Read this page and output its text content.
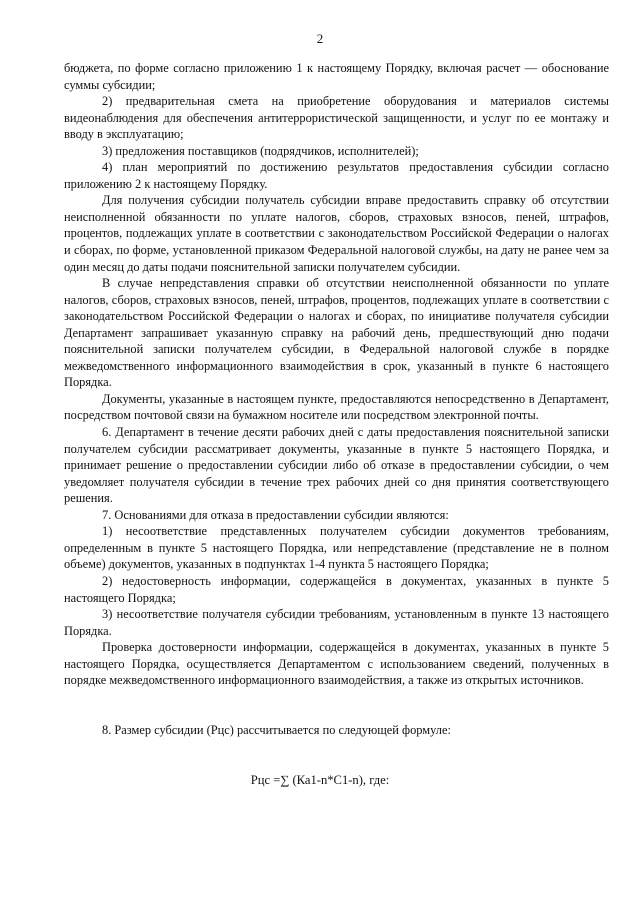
2

бюджета, по форме согласно приложению 1 к настоящему Порядку, включая расчет — обоснование суммы субсидии;

2) предварительная смета на приобретение оборудования и материалов системы видеонаблюдения для обеспечения антитеррористической защищенности, и услуг по ее монтажу и вводу в эксплуатацию;

3) предложения поставщиков (подрядчиков, исполнителей);

4) план мероприятий по достижению результатов предоставления субсидии согласно приложению 2 к настоящему Порядку.

Для получения субсидии получатель субсидии вправе предоставить справку об отсутствии неисполненной обязанности по уплате налогов, сборов, страховых взносов, пеней, штрафов, процентов, подлежащих уплате в соответствии с законодательством Российской Федерации о налогах и сборах, по форме, установленной приказом Федеральной налоговой службы, на дату не ранее чем за один месяц до даты подачи пояснительной записки получателем субсидии.

В случае непредставления справки об отсутствии неисполненной обязанности по уплате налогов, сборов, страховых взносов, пеней, штрафов, процентов, подлежащих уплате в соответствии с законодательством Российской Федерации о налогах и сборах, по инициативе получателя субсидии Департамент запрашивает указанную справку на рабочий день, предшествующий дню подачи пояснительной записки получателем субсидии, в Федеральной налоговой службе в порядке межведомственного информационного взаимодействия в срок, указанный в пункте 6 настоящего Порядка.

Документы, указанные в настоящем пункте, предоставляются непосредственно в Департамент, посредством почтовой связи на бумажном носителе или посредством электронной почты.

6. Департамент в течение десяти рабочих дней с даты предоставления пояснительной записки получателем субсидии рассматривает документы, указанные в пункте 5 настоящего Порядка, и принимает решение о предоставлении субсидии либо об отказе в предоставлении субсидии, о чем уведомляет получателя субсидии в течение трех рабочих дней со дня принятия соответствующего решения.

7. Основаниями для отказа в предоставлении субсидии являются:

1) несоответствие представленных получателем субсидии документов требованиям, определенным в пункте 5 настоящего Порядка, или непредставление (представление не в полном объеме) документов, указанных в подпунктах 1-4 пункта 5 настоящего Порядка;

2) недостоверность информации, содержащейся в документах, указанных в пункте 5 настоящего Порядка;

3) несоответствие получателя субсидии требованиям, установленным в пункте 13 настоящего Порядка.

Проверка достоверности информации, содержащейся в документах, указанных в пункте 5 настоящего Порядка, осуществляется Департаментом с использованием сведений, полученных в порядке межведомственного информационного взаимодействия, а также из открытых источников.

8. Размер субсидии (Рцс) рассчитывается по следующей формуле:

Рцс =∑ (Ка1-n*С1-n), где:
